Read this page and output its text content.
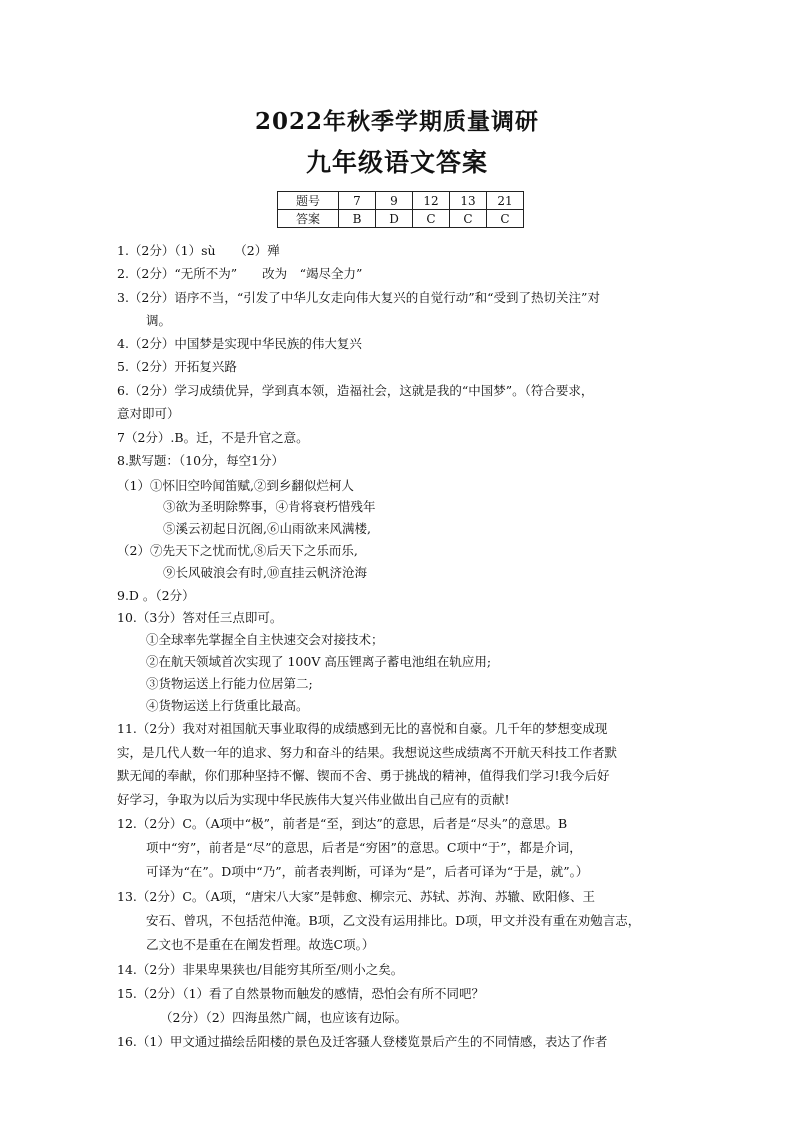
2022年秋季学期质量调研
九年级语文答案
题号	7	9	12	13	21
答案	B	D	C	C	C
1.（2分）（1）sù　　（2）殚
2.（2分）“无所不为”　　改为　“竭尽全力”
3.（2分）语序不当，“引发了中华儿女走向伟大复兴的自觉行动”和“受到了热切关注”对
调。
4.（2分）中国梦是实现中华民族的伟大复兴
5.（2分）开拓复兴路
6.（2分）学习成绩优异，学到真本领，造福社会，这就是我的“中国梦”。（符合要求，
意对即可）
7（2分）.B。迁，不是升官之意。
8.默写题：（10分，每空1分）
（1）①怀旧空吟闻笛赋,②到乡翻似烂柯人
③欲为圣明除弊事，④肯将衰朽惜残年
⑤溪云初起日沉阁,⑥山雨欲来风满楼,
（2）⑦先天下之忧而忧,⑧后天下之乐而乐,
⑨长风破浪会有时,⑩直挂云帆济沧海
9.D 。（2分）
10.（3分）答对任三点即可。
①全球率先掌握全自主快速交会对接技术；
②在航天领域首次实现了 100V 高压锂离子蓄电池组在轨应用;
③货物运送上行能力位居第二;
④货物运送上行货重比最高。
11.（2分）我对对祖国航天事业取得的成绩感到无比的喜悦和自豪。几千年的梦想变成现
实，是几代人数一年的追求、努力和奋斗的结果。我想说这些成绩离不开航天科技工作者默
默无闻的奉献，你们那种坚持不懈、锲而不舍、勇于挑战的精神，值得我们学习!我今后好
好学习，争取为以后为实现中华民族伟大复兴伟业做出自己应有的贡献!
12.（2分）C。（A项中“极”，前者是“至，到达”的意思，后者是“尽头”的意思。B
项中“穷”，前者是“尽”的意思，后者是“穷困”的意思。C项中“于”，都是介词，
可译为“在”。D项中“乃”，前者表判断，可译为“是”，后者可译为“于是，就”。）
13.（2分）C。（A项，“唐宋八大家”是韩愈、柳宗元、苏轼、苏洵、苏辙、欧阳修、王
安石、曾巩，不包括范仲淹。B项，乙文没有运用排比。D项，甲文并没有重在劝勉言志，
乙文也不是重在在阐发哲理。故选C项。）
14.（2分）非果卑果狭也/目能穷其所至/则小之矣。
15.（2分）（1）看了自然景物而触发的感情，恐怕会有所不同吧？
（2分）（2）四海虽然广阔，也应该有边际。
16.（1）甲文通过描绘岳阳楼的景色及迁客骚人登楼览景后产生的不同情感，表达了作者
